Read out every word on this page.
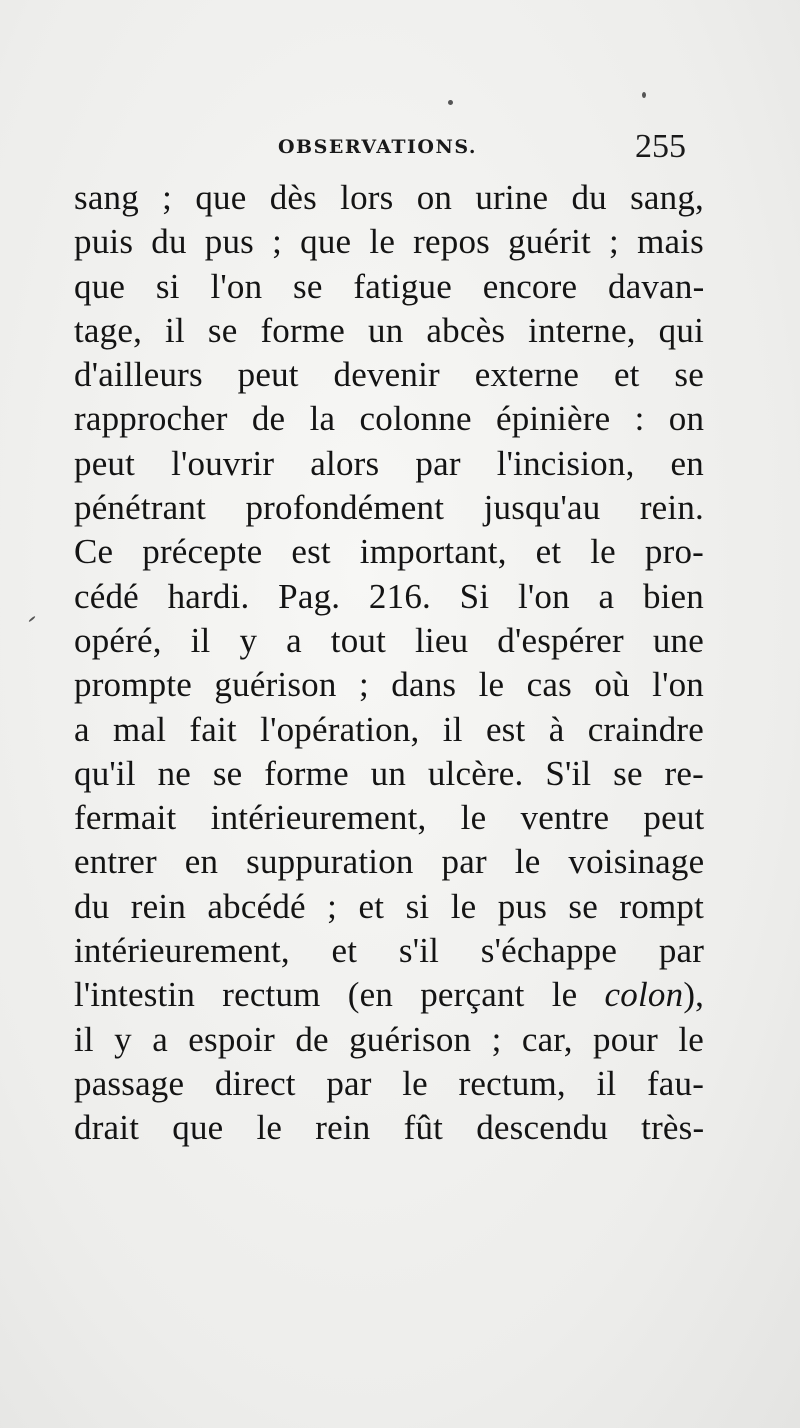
OBSERVATIONS.	255
sang ; que dès lors on urine du sang,
puis du pus ; que le repos guérit ; mais
que si l'on se fatigue encore davan-
tage, il se forme un abcès interne, qui
d'ailleurs peut devenir externe et se
rapprocher de la colonne épinière : on
peut l'ouvrir alors par l'incision, en
pénétrant profondément jusqu'au rein.
Ce précepte est important, et le pro-
cédé hardi. Pag. 216. Si l'on a bien
opéré, il y a tout lieu d'espérer une
prompte guérison ; dans le cas où l'on
a mal fait l'opération, il est à craindre
qu'il ne se forme un ulcère. S'il se re-
fermait intérieurement, le ventre peut
entrer en suppuration par le voisinage
du rein abcédé ; et si le pus se rompt
intérieurement, et s'il s'échappe par
l'intestin rectum (en perçant le colon),
il y a espoir de guérison ; car, pour le
passage direct par le rectum, il fau-
drait que le rein fût descendu très-
